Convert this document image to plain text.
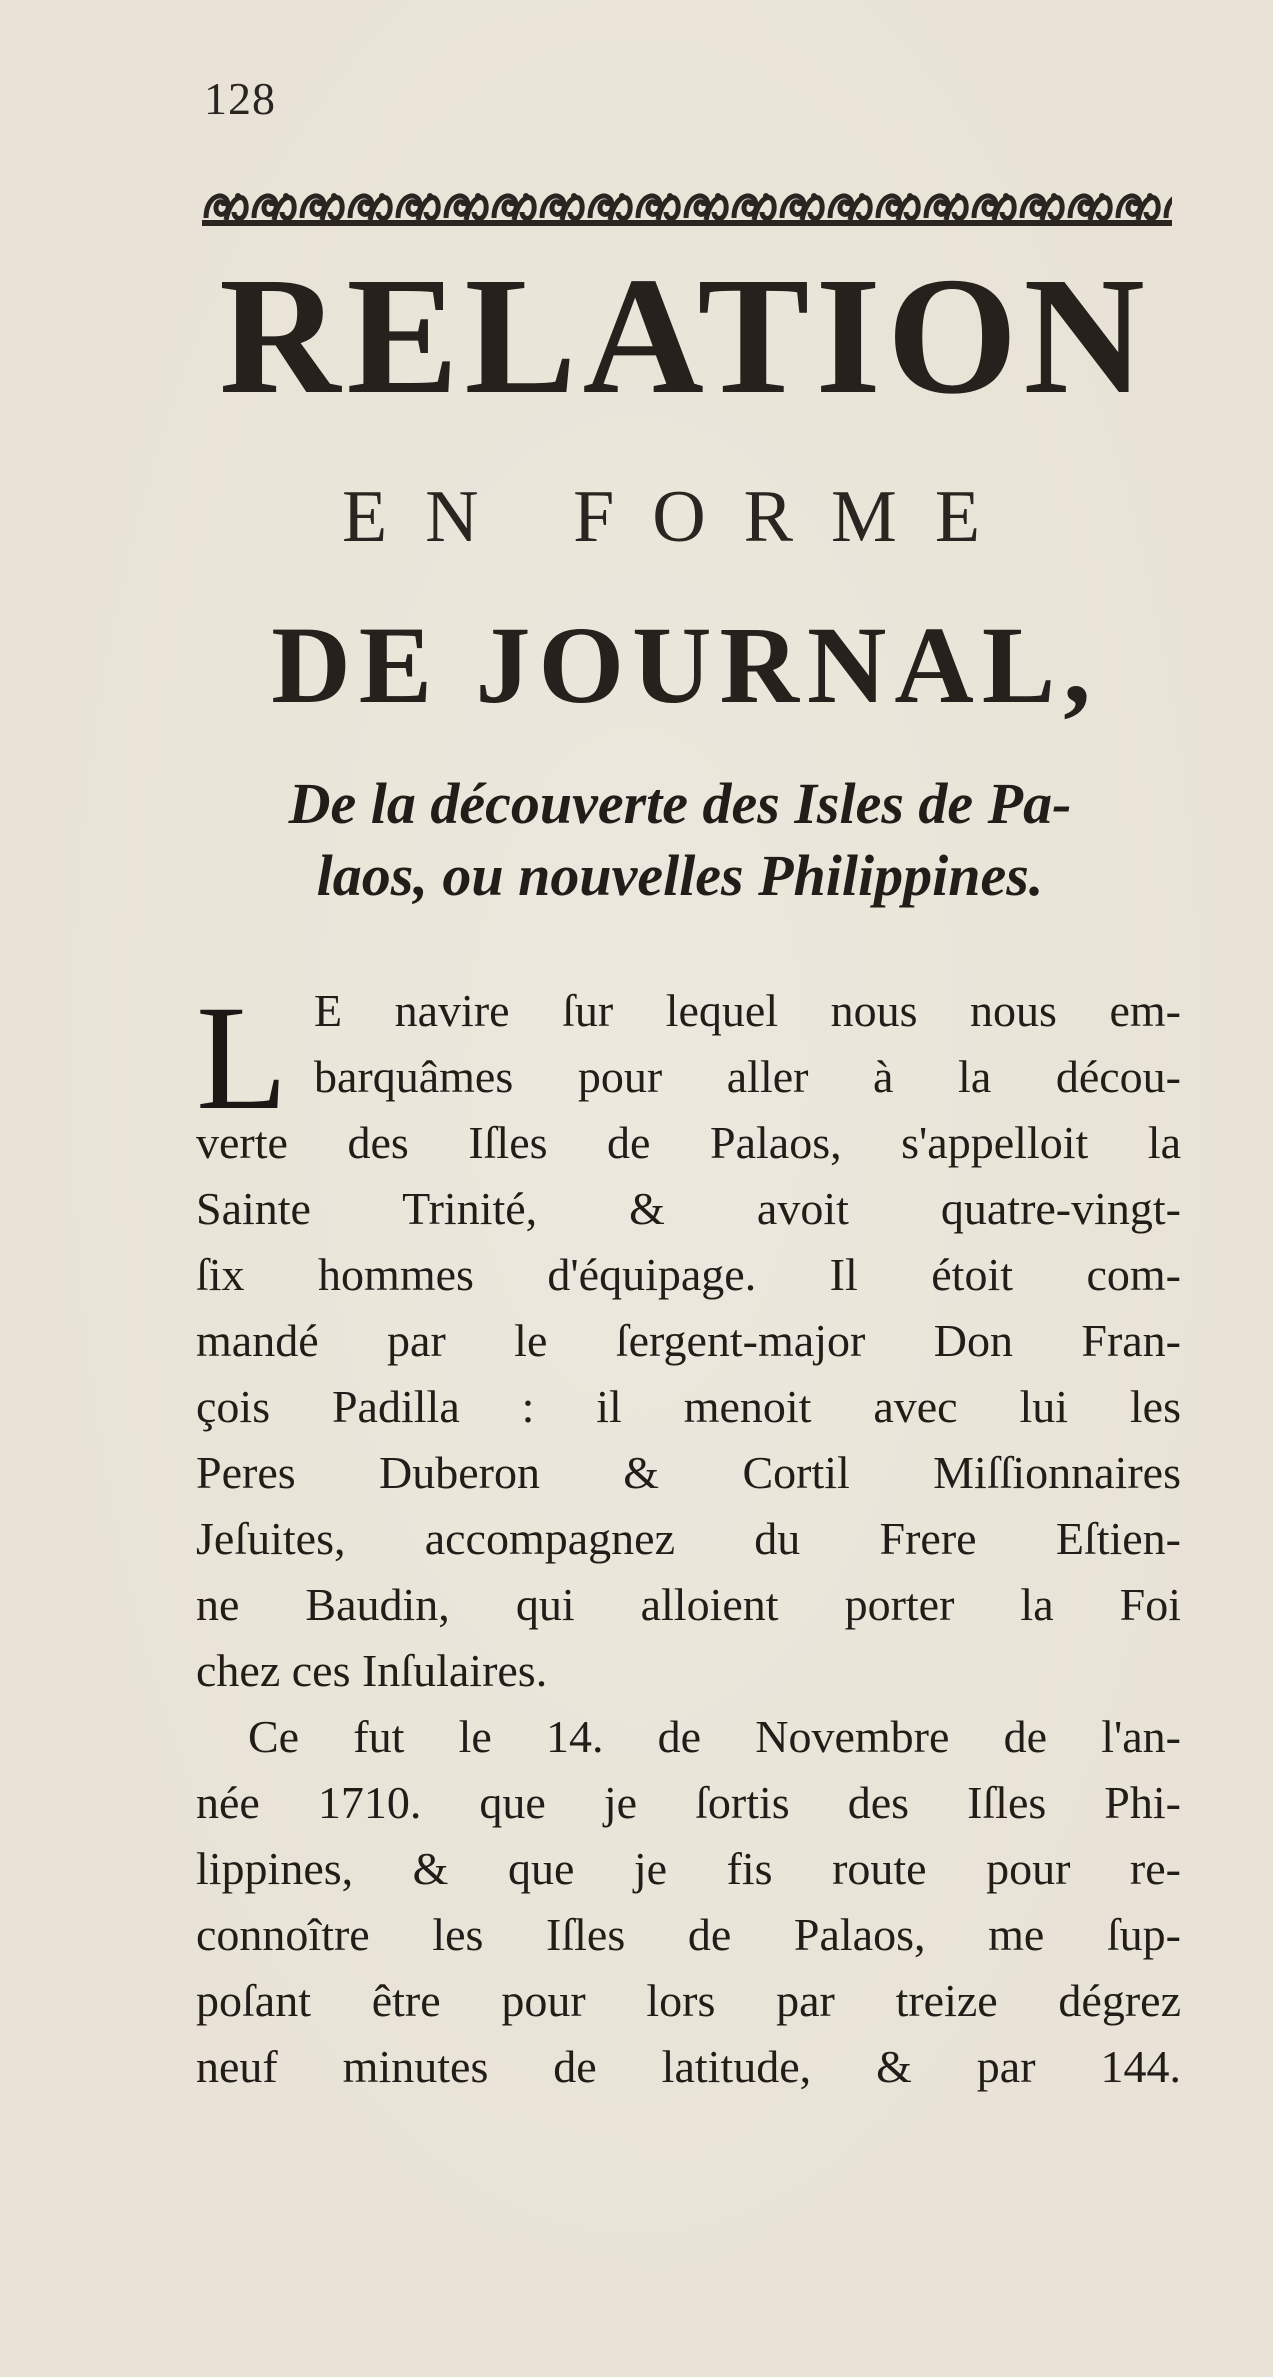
128
RELATION
EN FORME
DE JOURNAL,
De la découverte des Isles de Pa-
laos, ou nouvelles Philippines.
L E navire ſur lequel nous nous em-
barquâmes pour aller à la décou-
verte des Iſles de Palaos, s'appelloit la
Sainte Trinité, & avoit quatre-vingt-
ſix hommes d'équipage. Il étoit com-
mandé par le ſergent-major Don Fran-
çois Padilla : il menoit avec lui les
Peres Duberon & Cortil Miſſionnaires
Jeſuites, accompagnez du Frere Eſtien-
ne Baudin, qui alloient porter la Foi
chez ces Inſulaires.
Ce fut le 14. de Novembre de l'an-
née 1710. que je ſortis des Iſles Phi-
lippines, & que je fis route pour re-
connoître les Iſles de Palaos, me ſup-
poſant être pour lors par treize dégrez
neuf minutes de latitude, & par 144.
